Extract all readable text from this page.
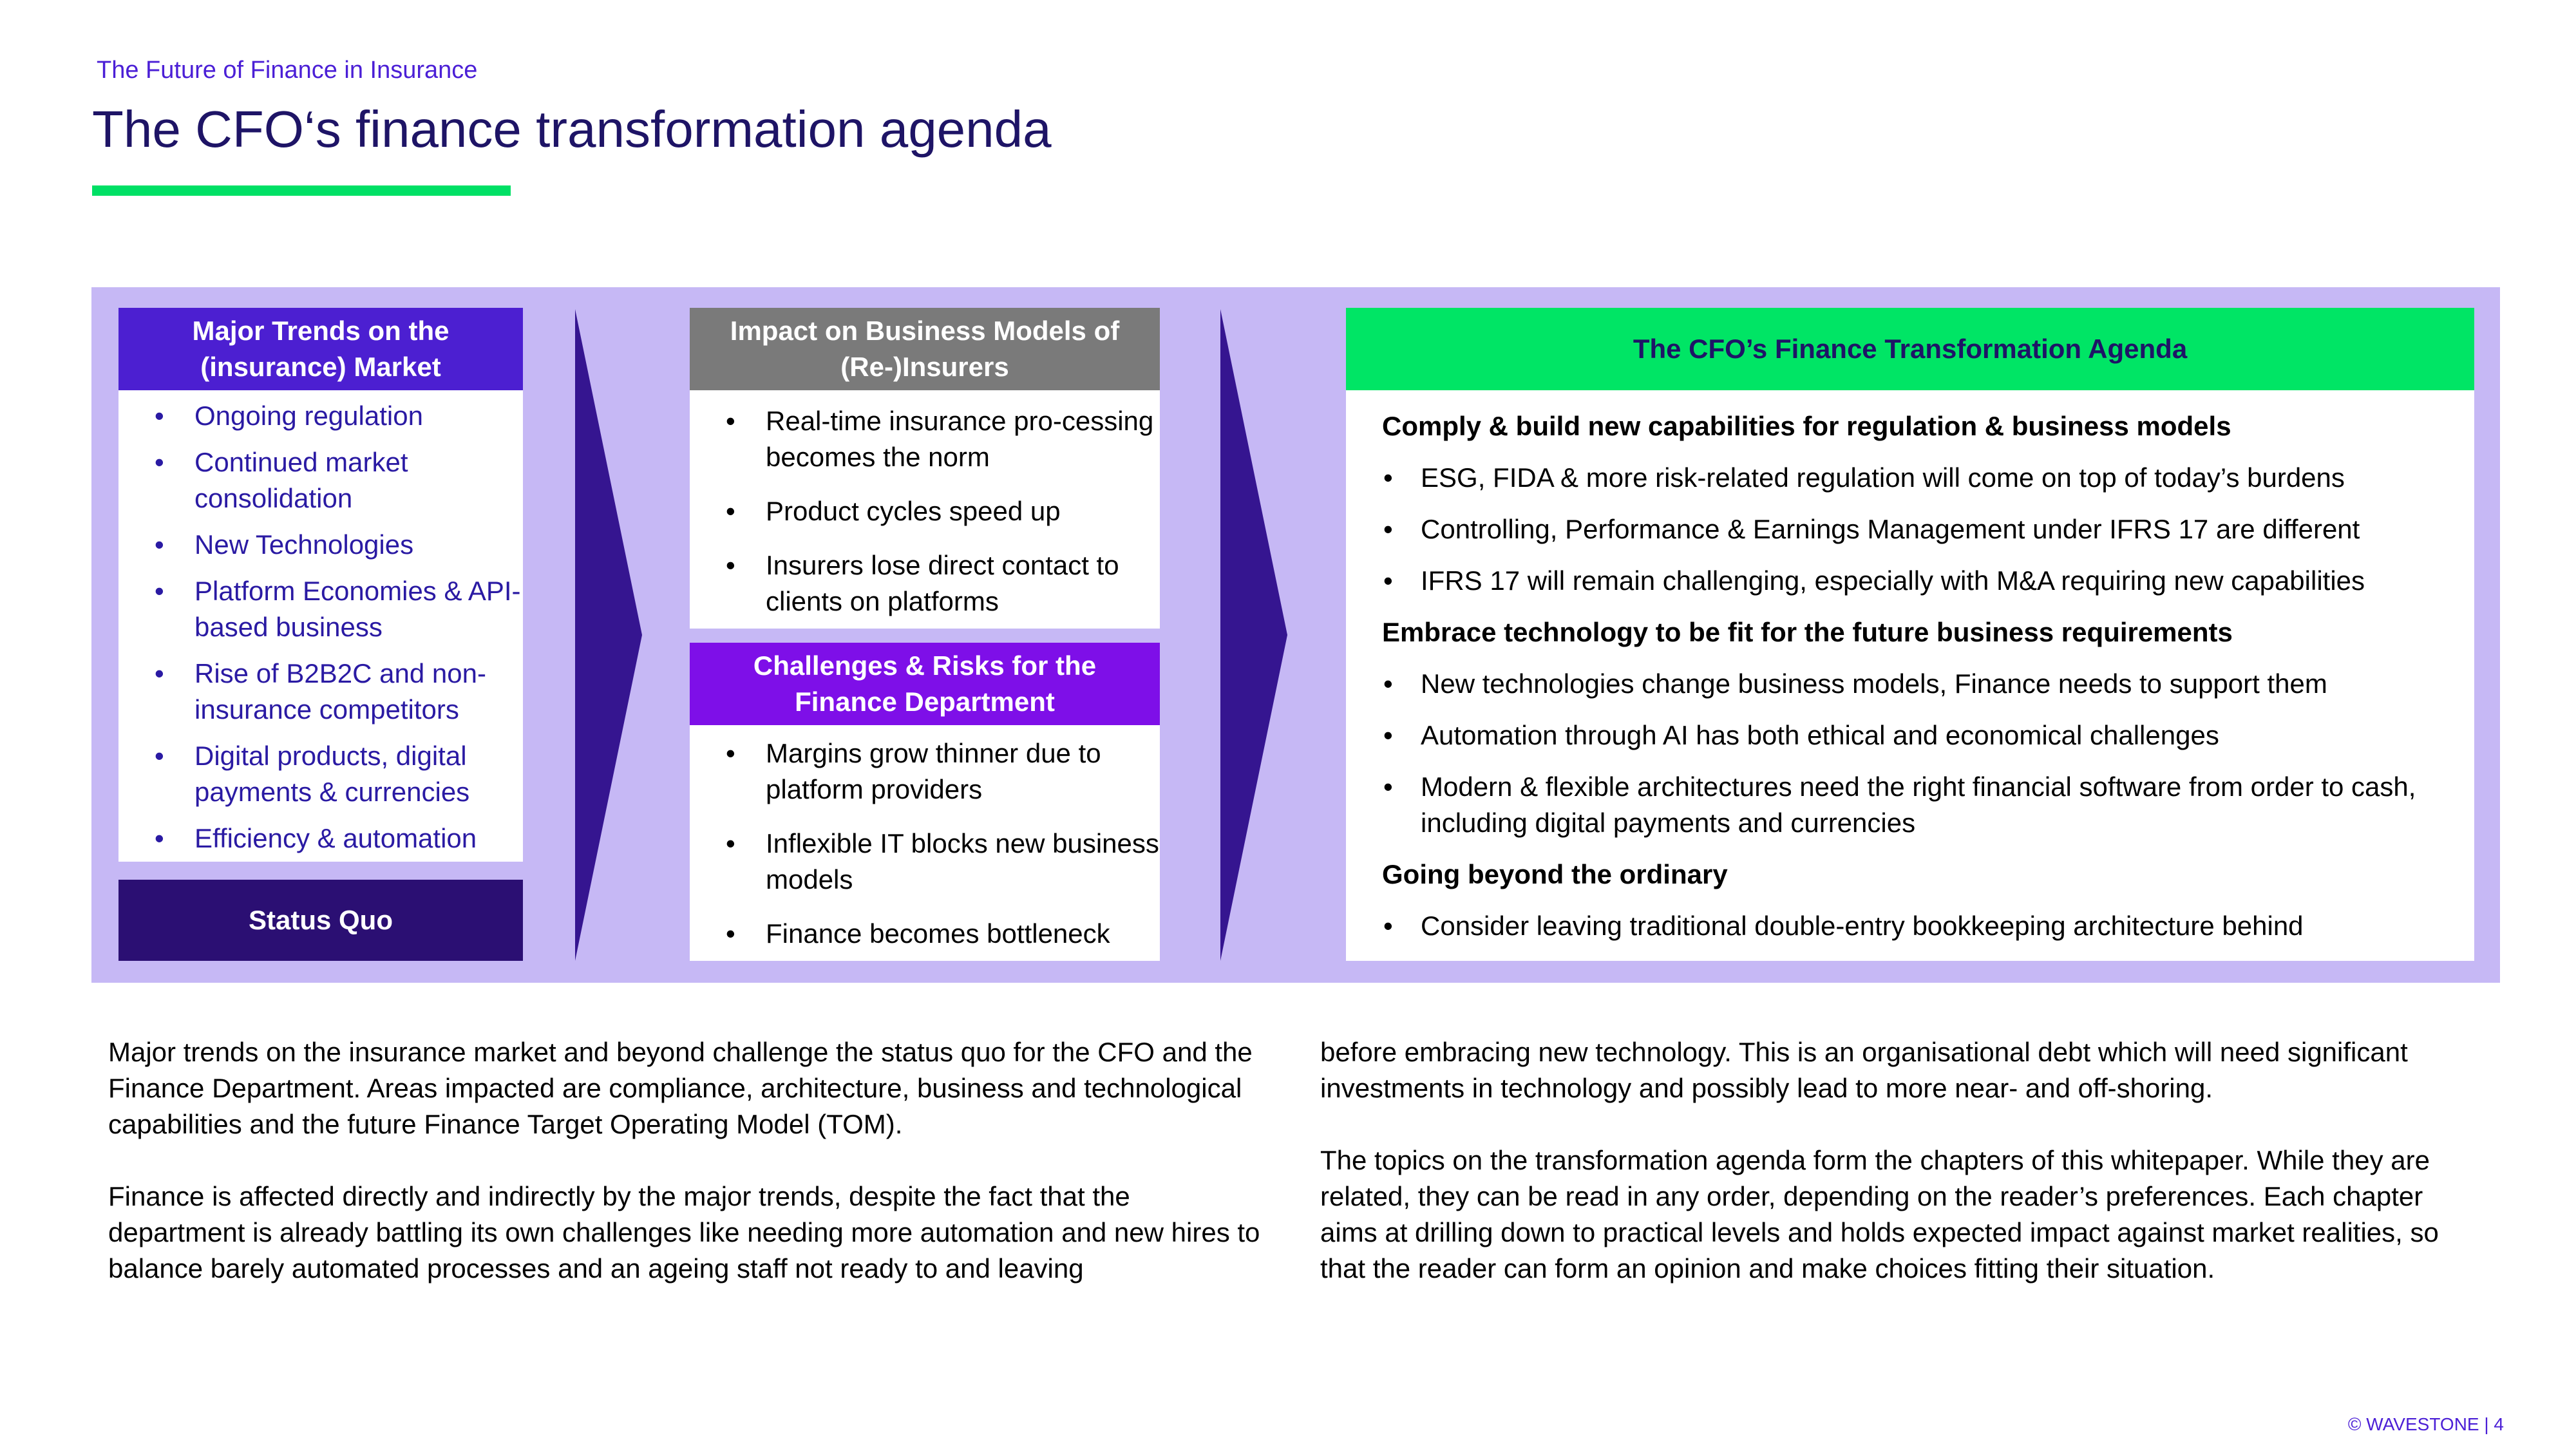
The Future of Finance in Insurance
The CFO‘s finance transformation agenda
Major Trends on the (insurance) Market
• Ongoing regulation
• Continued market consolidation
• New Technologies
• Platform Economies & API-based business
• Rise of B2B2C and non-insurance competitors
• Digital products, digital payments & currencies
• Efficiency & automation
Status Quo
Impact on Business Models of (Re-)Insurers
• Real-time insurance pro-cessing becomes the norm
• Product cycles speed up
• Insurers lose direct contact to clients on platforms
Challenges & Risks for the Finance Department
• Margins grow thinner due to platform providers
• Inflexible IT blocks new business models
• Finance becomes bottleneck
The CFO’s Finance Transformation Agenda
Comply & build new capabilities for regulation & business models
• ESG, FIDA & more risk-related regulation will come on top of today’s burdens
• Controlling, Performance & Earnings Management under IFRS 17 are different
• IFRS 17 will remain challenging, especially with M&A requiring new capabilities
Embrace technology to be fit for the future business requirements
• New technologies change business models, Finance needs to support them
• Automation through AI has both ethical and economical challenges
• Modern & flexible architectures need the right financial software from order to cash, including digital payments and currencies
Going beyond the ordinary
• Consider leaving traditional double-entry bookkeeping architecture behind

Major trends on the insurance market and beyond challenge the status quo for the CFO and the Finance Department. Areas impacted are compliance, architecture, business and technological capabilities and the future Finance Target Operating Model (TOM).

Finance is affected directly and indirectly by the major trends, despite the fact that the department is already battling its own challenges like needing more automation and new hires to balance barely automated processes and an ageing staff not ready to and leaving

before embracing new technology. This is an organisational debt which will need significant investments in technology and possibly lead to more near- and off-shoring.

The topics on the transformation agenda form the chapters of this whitepaper. While they are related, they can be read in any order, depending on the reader’s preferences. Each chapter aims at drilling down to practical levels and holds expected impact against market realities, so that the reader can form an opinion and make choices fitting their situation.

© WAVESTONE | 4
